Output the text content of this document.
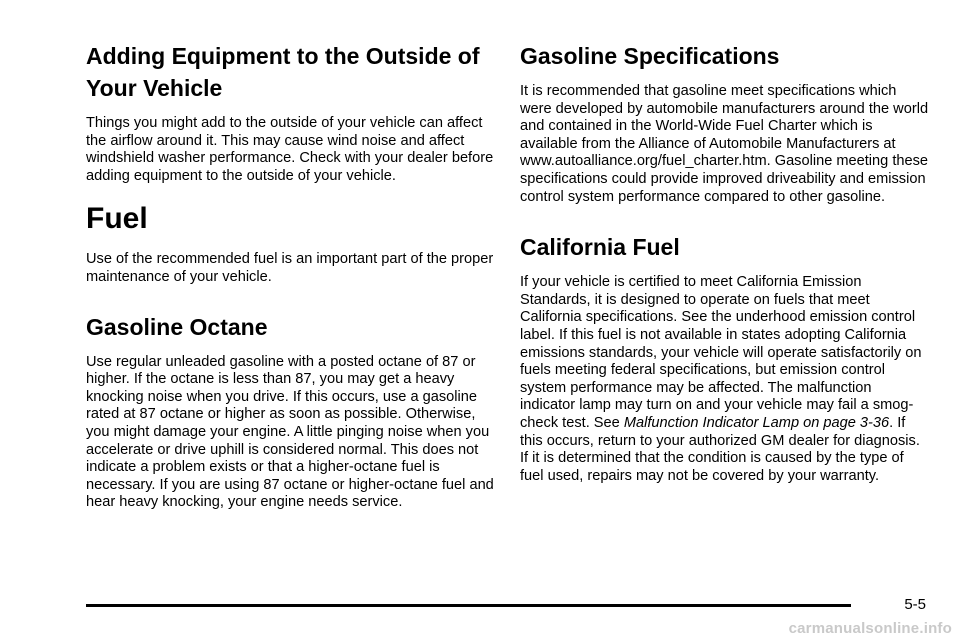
Adding Equipment to the Outside of Your Vehicle

Things you might add to the outside of your vehicle can affect the airflow around it. This may cause wind noise and affect windshield washer performance. Check with your dealer before adding equipment to the outside of your vehicle.

Fuel

Use of the recommended fuel is an important part of the proper maintenance of your vehicle.

Gasoline Octane

Use regular unleaded gasoline with a posted octane of 87 or higher. If the octane is less than 87, you may get a heavy knocking noise when you drive. If this occurs, use a gasoline rated at 87 octane or higher as soon as possible. Otherwise, you might damage your engine. A little pinging noise when you accelerate or drive uphill is considered normal. This does not indicate a problem exists or that a higher-octane fuel is necessary. If you are using 87 octane or higher-octane fuel and hear heavy knocking, your engine needs service.

Gasoline Specifications

It is recommended that gasoline meet specifications which were developed by automobile manufacturers around the world and contained in the World-Wide Fuel Charter which is available from the Alliance of Automobile Manufacturers at www.autoalliance.org/fuel_charter.htm. Gasoline meeting these specifications could provide improved driveability and emission control system performance compared to other gasoline.

California Fuel

If your vehicle is certified to meet California Emission Standards, it is designed to operate on fuels that meet California specifications. See the underhood emission control label. If this fuel is not available in states adopting California emissions standards, your vehicle will operate satisfactorily on fuels meeting federal specifications, but emission control system performance may be affected. The malfunction indicator lamp may turn on and your vehicle may fail a smog-check test. See Malfunction Indicator Lamp on page 3-36. If this occurs, return to your authorized GM dealer for diagnosis. If it is determined that the condition is caused by the type of fuel used, repairs may not be covered by your warranty.

5-5
carmanualsonline.info
